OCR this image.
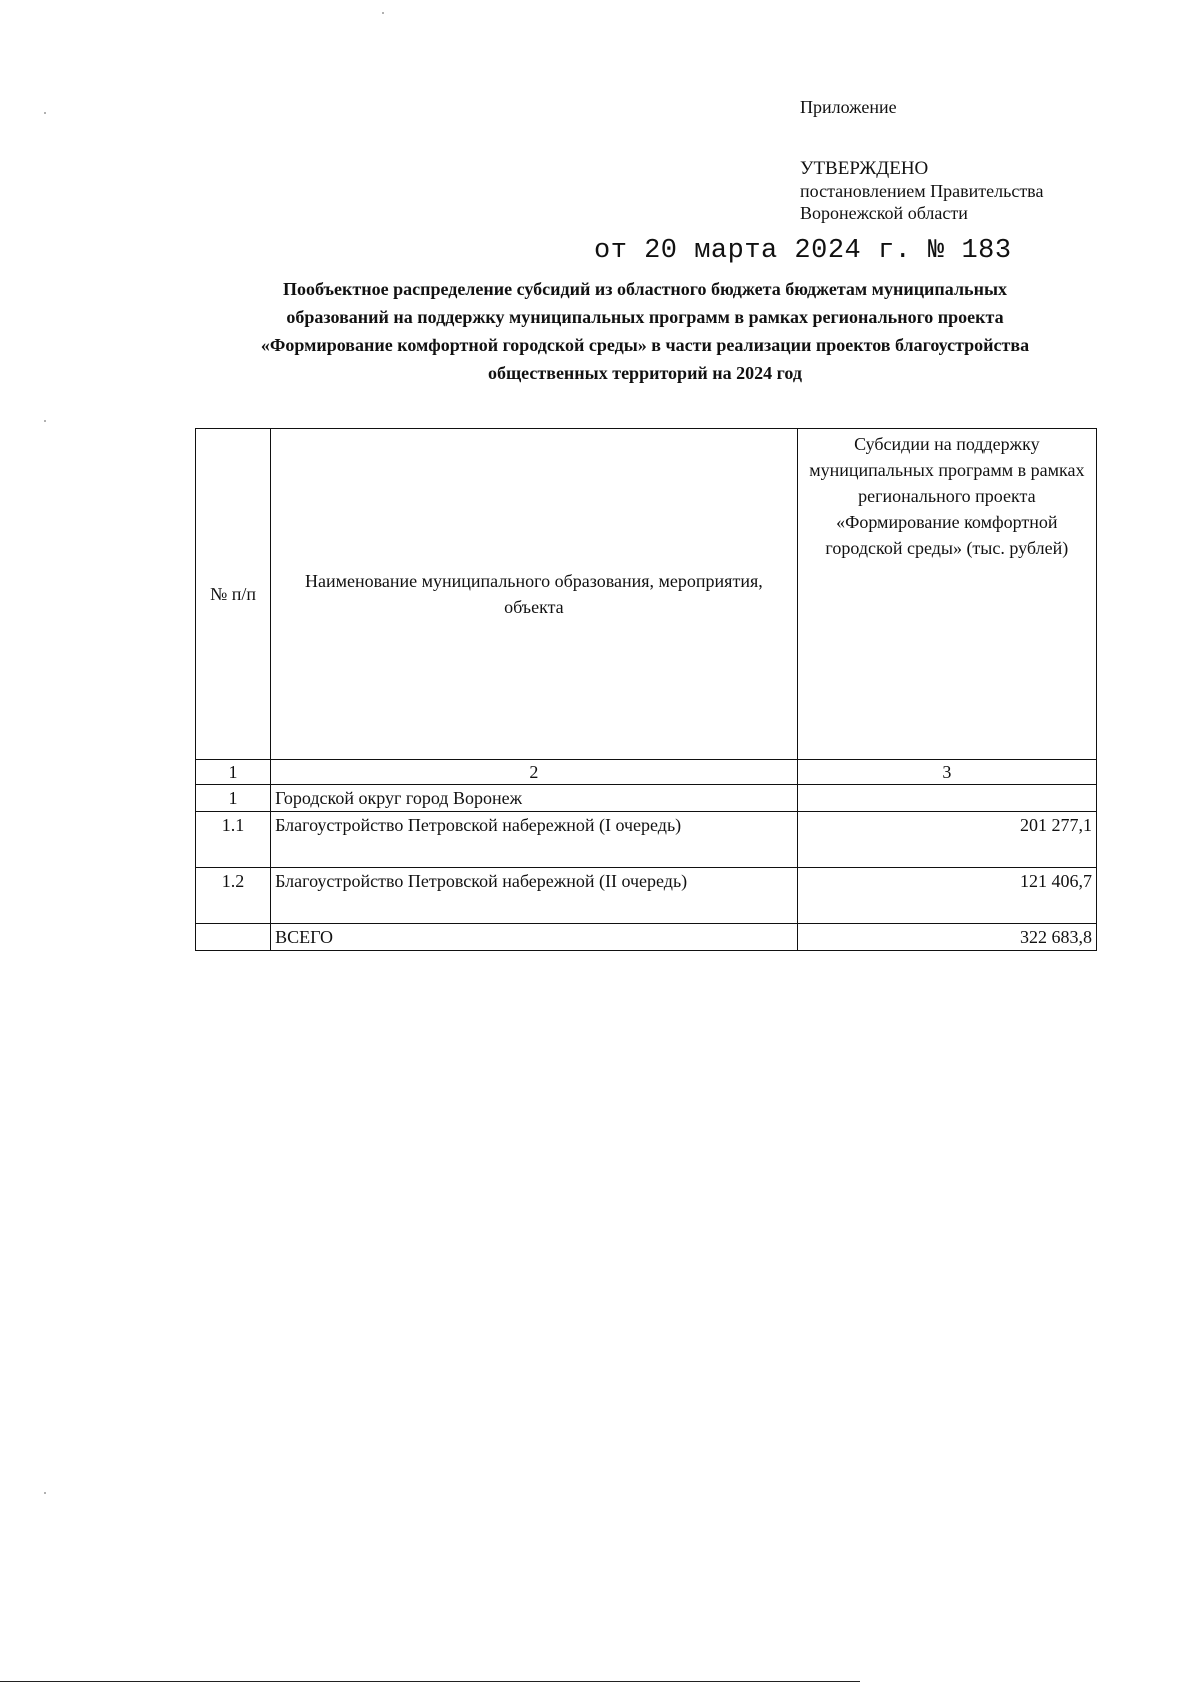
Приложение

УТВЕРЖДЕНО

постановлением Правительства

Воронежской области

от 20 марта 2024 г. № 183
Пообъектное распределение субсидий из областного бюджета бюджетам муниципальных
образований на поддержку муниципальных программ в рамках регионального проекта
«Формирование комфортной городской среды» в части реализации проектов благоустройства
общественных территорий на 2024 год
№ п/п	Наименование муниципального образования, мероприятия, объекта	Субсидии на поддержку муниципальных программ в рамках регионального проекта «Формирование комфортной городской среды» (тыс. рублей)
1	2	3
1	Городской округ город Воронеж	
1.1	Благоустройство Петровской набережной (I очередь)	201 277,1
1.2	Благоустройство Петровской набережной (II очередь)	121 406,7
	ВСЕГО	322 683,8
